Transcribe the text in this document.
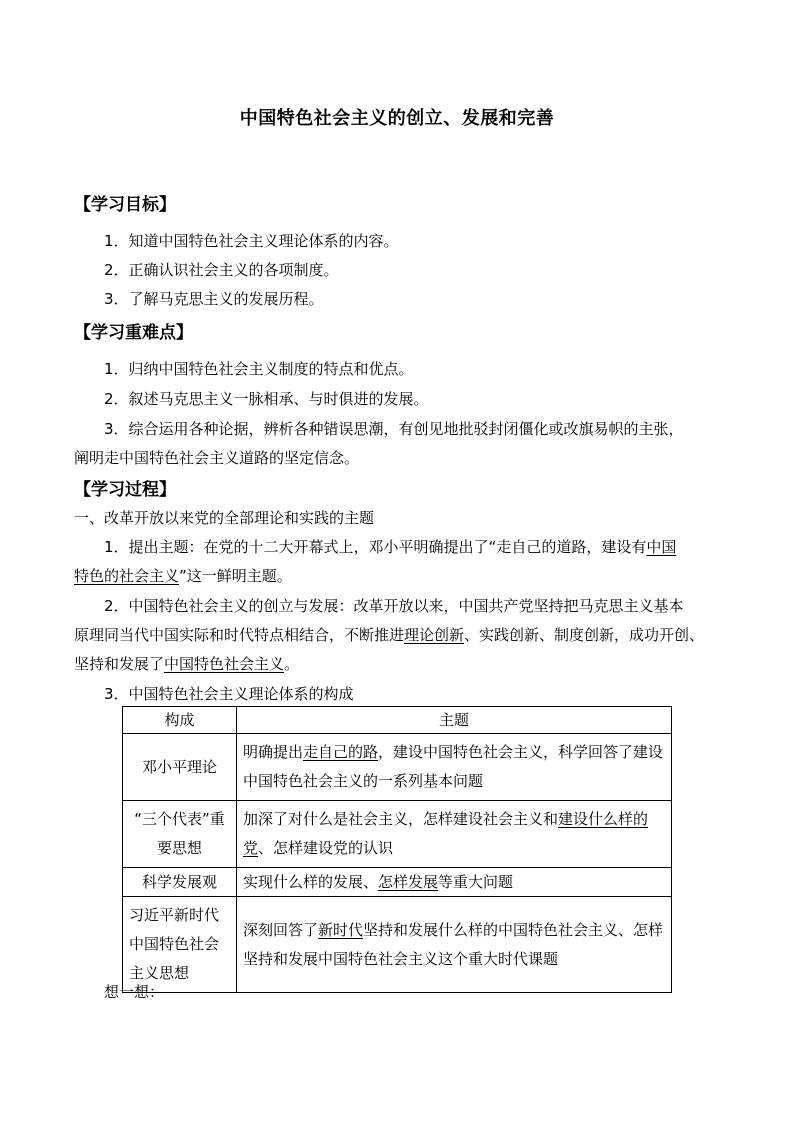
中国特色社会主义的创立、发展和完善
【学习目标】
1．知道中国特色社会主义理论体系的内容。
2．正确认识社会主义的各项制度。
3．了解马克思主义的发展历程。
【学习重难点】
1．归纳中国特色社会主义制度的特点和优点。
2．叙述马克思主义一脉相承、与时俱进的发展。
3．综合运用各种论据，辨析各种错误思潮，有创见地批驳封闭僵化或改旗易帜的主张，
阐明走中国特色社会主义道路的坚定信念。
【学习过程】
一、改革开放以来党的全部理论和实践的主题
1．提出主题：在党的十二大开幕式上，邓小平明确提出了“走自己的道路，建设有中国
特色的社会主义”这一鲜明主题。
2．中国特色社会主义的创立与发展：改革开放以来，中国共产党坚持把马克思主义基本
原理同当代中国实际和时代特点相结合，不断推进理论创新、实践创新、制度创新，成功开创、
坚持和发展了中国特色社会主义。
3．中国特色社会主义理论体系的构成
构成	主题
邓小平理论	明确提出走自己的路，建设中国特色社会主义，科学回答了建设中国特色社会主义的一系列基本问题
“三个代表”重要思想	加深了对什么是社会主义，怎样建设社会主义和建设什么样的党、怎样建设党的认识
科学发展观	实现什么样的发展、怎样发展等重大问题
习近平新时代中国特色社会主义思想	深刻回答了新时代坚持和发展什么样的中国特色社会主义、怎样坚持和发展中国特色社会主义这个重大时代课题
想一想：
